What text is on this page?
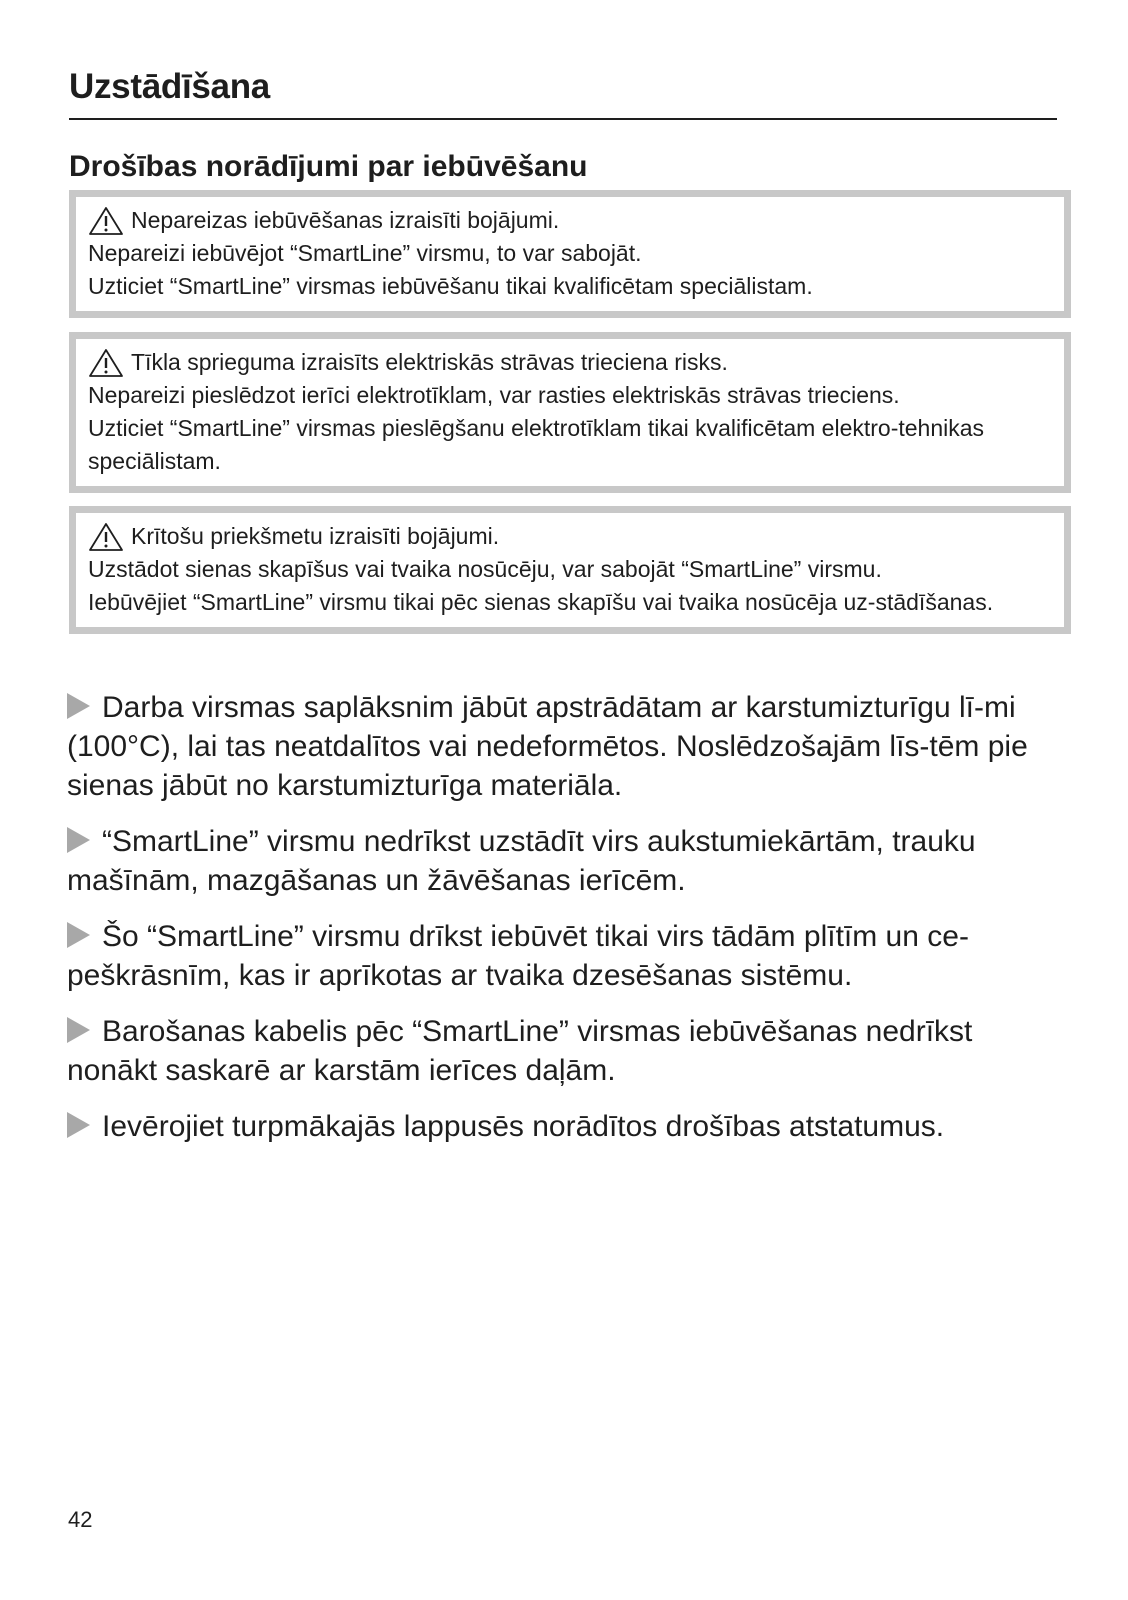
Uzstādīšana
Drošības norādījumi par iebūvēšanu

Nepareizas iebūvēšanas izraisīti bojājumi.

Nepareizi iebūvējot “SmartLine” virsmu, to var sabojāt.

Uzticiet “SmartLine” virsmas iebūvēšanu tikai kvalificētam speciālistam.

Tīkla sprieguma izraisīts elektriskās strāvas trieciena risks.

Nepareizi pieslēdzot ierīci elektrotīklam, var rasties elektriskās strāvas trieciens.

Uzticiet “SmartLine” virsmas pieslēgšanu elektrotīklam tikai kvalificētam elektro-tehnikas speciālistam.

Krītošu priekšmetu izraisīti bojājumi.

Uzstādot sienas skapīšus vai tvaika nosūcēju, var sabojāt “SmartLine” virsmu.

Iebūvējiet “SmartLine” virsmu tikai pēc sienas skapīšu vai tvaika nosūcēja uz-stādīšanas.

Darba virsmas saplāksnim jābūt apstrādātam ar karstumizturīgu lī-mi (100°C), lai tas neatdalītos vai nedeformētos. Noslēdzošajām līs-tēm pie sienas jābūt no karstumizturīga materiāla.

“SmartLine” virsmu nedrīkst uzstādīt virs aukstumiekārtām, trauku mašīnām, mazgāšanas un žāvēšanas ierīcēm.

Šo “SmartLine” virsmu drīkst iebūvēt tikai virs tādām plītīm un ce-peškrāsnīm, kas ir aprīkotas ar tvaika dzesēšanas sistēmu.

Barošanas kabelis pēc “SmartLine” virsmas iebūvēšanas nedrīkst nonākt saskarē ar karstām ierīces daļām.

Ievērojiet turpmākajās lappusēs norādītos drošības atstatumus.

42
